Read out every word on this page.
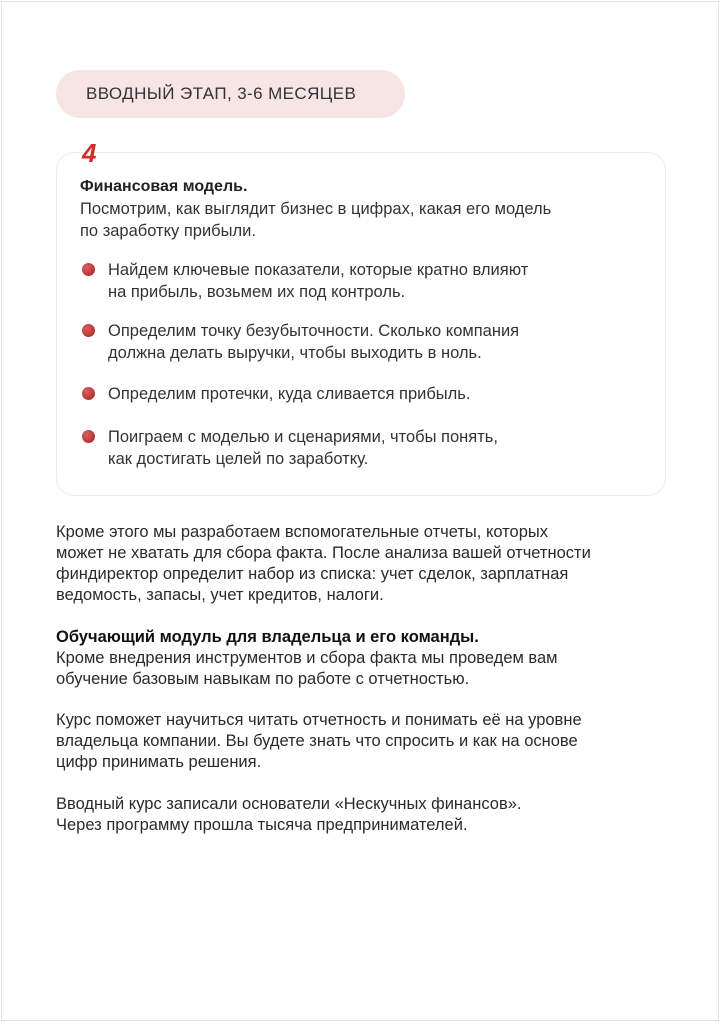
ВВОДНЫЙ ЭТАП, 3-6 МЕСЯЦЕВ
4
Финансовая модель.
Посмотрим, как выглядит бизнес в цифрах, какая его модель
по заработку прибыли.
Найдем ключевые показатели, которые кратно влияют
на прибыль, возьмем их под контроль.
Определим точку безубыточности. Сколько компания
должна делать выручки, чтобы выходить в ноль.
Определим протечки, куда сливается прибыль.
Поиграем с моделью и сценариями, чтобы понять,
как достигать целей по заработку.
Кроме этого мы разработаем вспомогательные отчеты, которых
может не хватать для сбора факта. После анализа вашей отчетности
финдиректор определит набор из списка: учет сделок, зарплатная
ведомость, запасы, учет кредитов, налоги.
Обучающий модуль для владельца и его команды.
Кроме внедрения инструментов и сбора факта мы проведем вам
обучение базовым навыкам по работе с отчетностью.
Курс поможет научиться читать отчетность и понимать её на уровне
владельца компании. Вы будете знать что спросить и как на основе
цифр принимать решения.
Вводный курс записали основатели «Нескучных финансов».
Через программу прошла тысяча предпринимателей.
